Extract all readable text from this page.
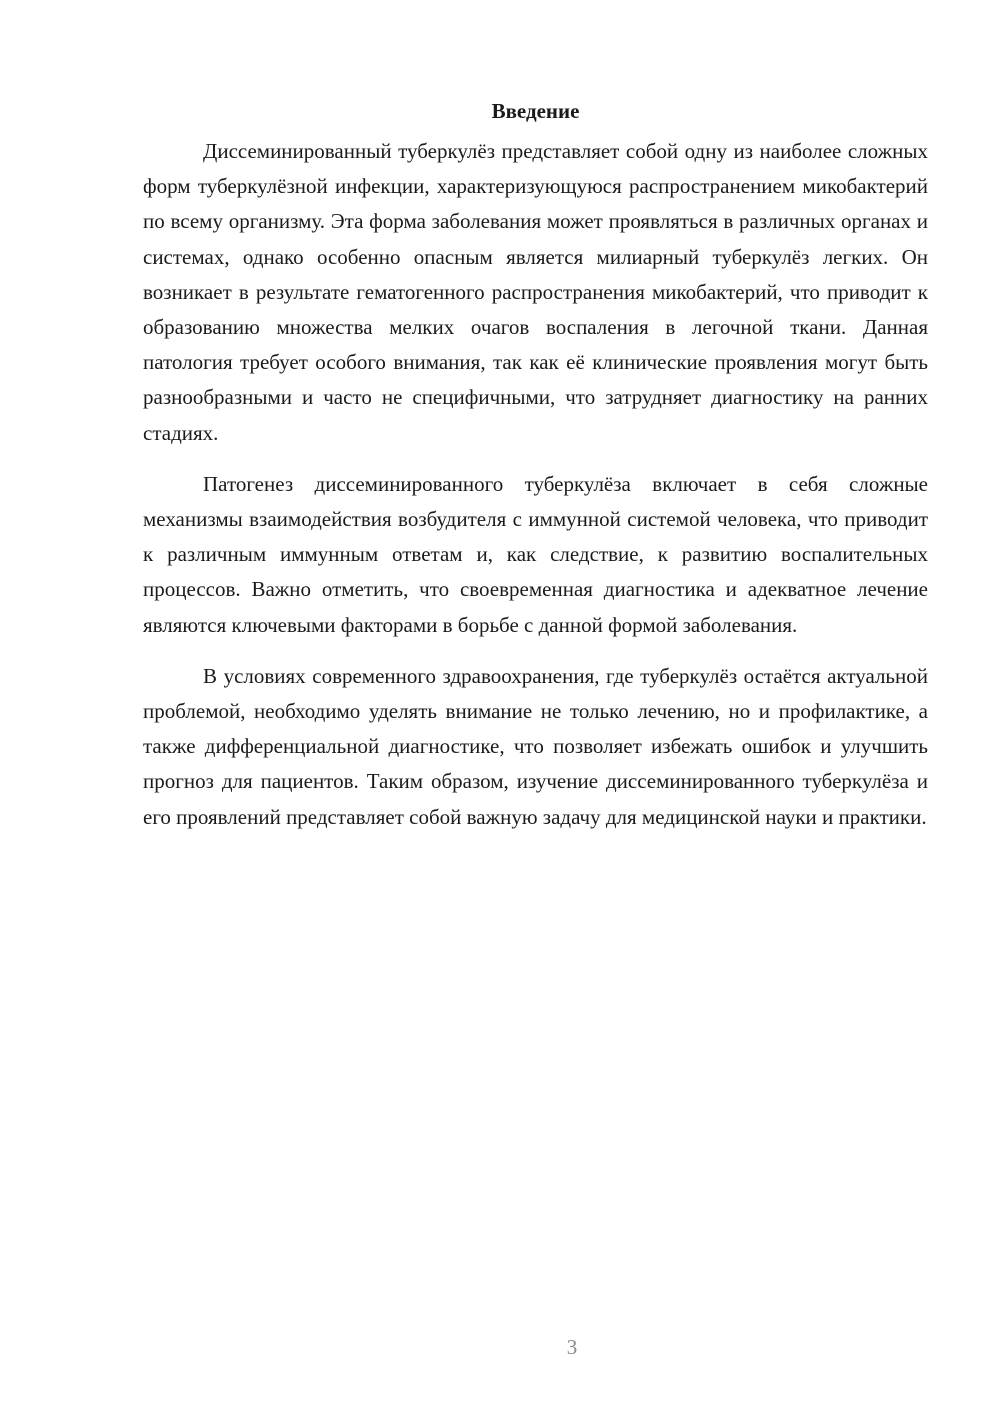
Введение

Диссеминированный туберкулёз представляет собой одну из наиболее сложных форм туберкулёзной инфекции, характеризующуюся распространением микобактерий по всему организму. Эта форма заболевания может проявляться в различных органах и системах, однако особенно опасным является милиарный туберкулёз легких. Он возникает в результате гематогенного распространения микобактерий, что приводит к образованию множества мелких очагов воспаления в легочной ткани. Данная патология требует особого внимания, так как её клинические проявления могут быть разнообразными и часто не специфичными, что затрудняет диагностику на ранних стадиях.

Патогенез диссеминированного туберкулёза включает в себя сложные механизмы взаимодействия возбудителя с иммунной системой человека, что приводит к различным иммунным ответам и, как следствие, к развитию воспалительных процессов. Важно отметить, что своевременная диагностика и адекватное лечение являются ключевыми факторами в борьбе с данной формой заболевания.

В условиях современного здравоохранения, где туберкулёз остаётся актуальной проблемой, необходимо уделять внимание не только лечению, но и профилактике, а также дифференциальной диагностике, что позволяет избежать ошибок и улучшить прогноз для пациентов. Таким образом, изучение диссеминированного туберкулёза и его проявлений представляет собой важную задачу для медицинской науки и практики.

3
